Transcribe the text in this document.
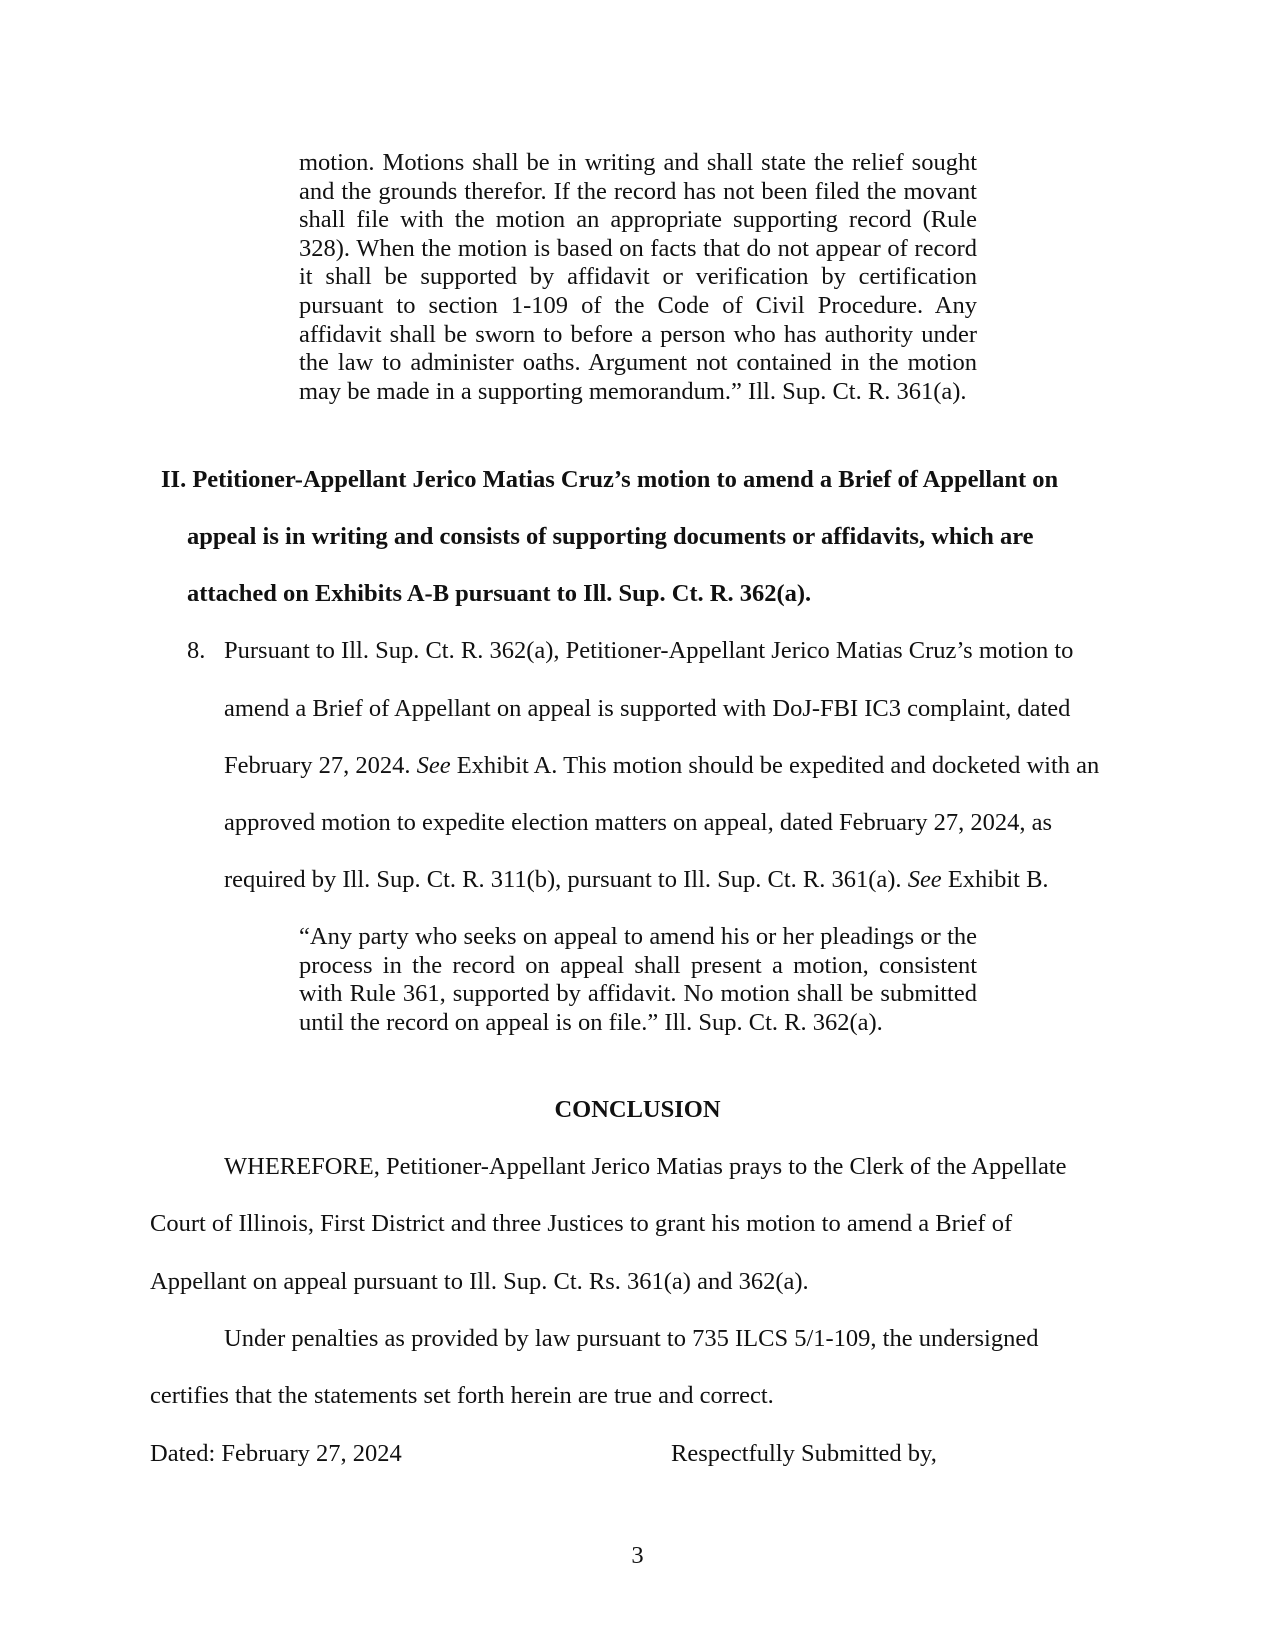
motion. Motions shall be in writing and shall state the relief sought and the grounds therefor. If the record has not been filed the movant shall file with the motion an appropriate supporting record (Rule 328). When the motion is based on facts that do not appear of record it shall be supported by affidavit or verification by certification pursuant to section 1-109 of the Code of Civil Procedure. Any affidavit shall be sworn to before a person who has authority under the law to administer oaths. Argument not contained in the motion may be made in a supporting memorandum.” Ill. Sup. Ct. R. 361(a).
II. Petitioner-Appellant Jerico Matias Cruz’s motion to amend a Brief of Appellant on
appeal is in writing and consists of supporting documents or affidavits, which are
attached on Exhibits A-B pursuant to Ill. Sup. Ct. R. 362(a).
8. Pursuant to Ill. Sup. Ct. R. 362(a), Petitioner-Appellant Jerico Matias Cruz’s motion to
amend a Brief of Appellant on appeal is supported with DoJ-FBI IC3 complaint, dated
February 27, 2024. See Exhibit A. This motion should be expedited and docketed with an
approved motion to expedite election matters on appeal, dated February 27, 2024, as
required by Ill. Sup. Ct. R. 311(b), pursuant to Ill. Sup. Ct. R. 361(a). See Exhibit B.
“Any party who seeks on appeal to amend his or her pleadings or the process in the record on appeal shall present a motion, consistent with Rule 361, supported by affidavit. No motion shall be submitted until the record on appeal is on file.” Ill. Sup. Ct. R. 362(a).
CONCLUSION
WHEREFORE, Petitioner-Appellant Jerico Matias prays to the Clerk of the Appellate
Court of Illinois, First District and three Justices to grant his motion to amend a Brief of
Appellant on appeal pursuant to Ill. Sup. Ct. Rs. 361(a) and 362(a).
Under penalties as provided by law pursuant to 735 ILCS 5/1-109, the undersigned
certifies that the statements set forth herein are true and correct.
Dated: February 27, 2024	Respectfully Submitted by,
3
